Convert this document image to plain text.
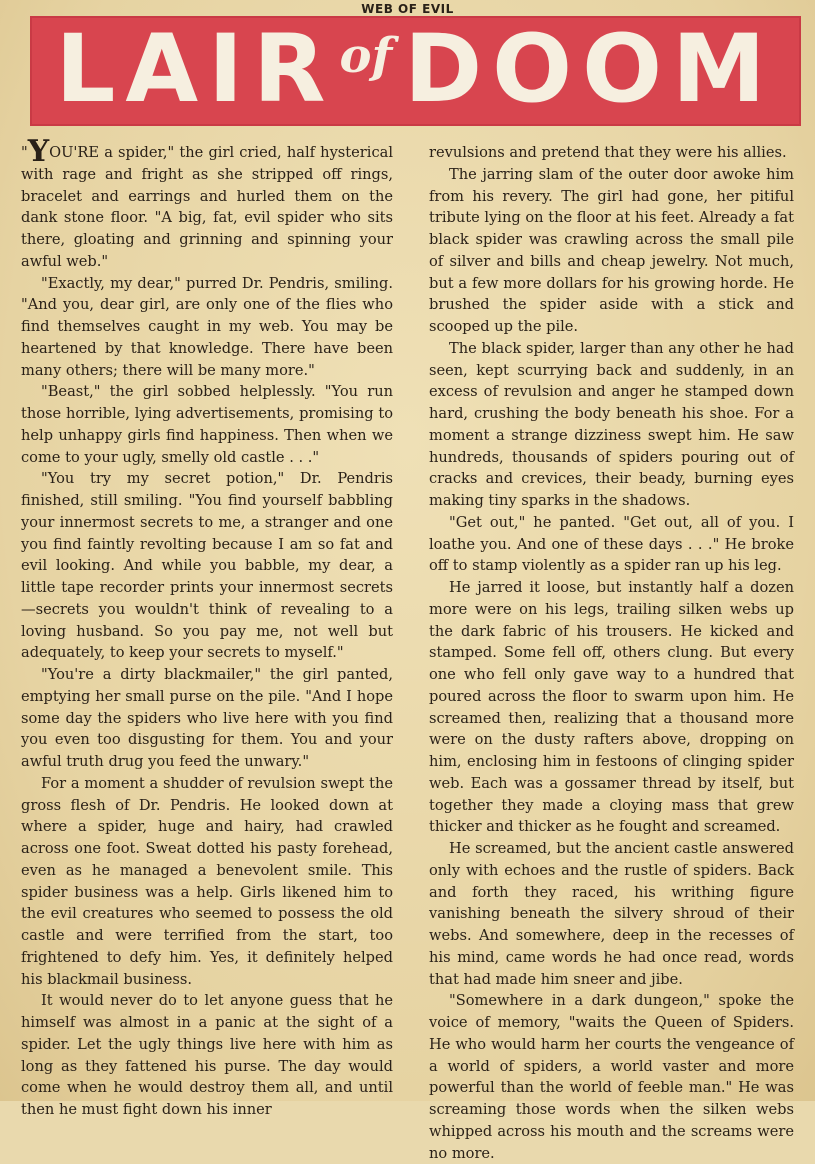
WEB OF EVIL
LAIR of DOOM

"YOU'RE a spider," the girl cried, half hysterical with rage and fright as she stripped off rings, bracelet and earrings and hurled them on the dank stone floor. "A big, fat, evil spider who sits there, gloating and grinning and spinning your awful web."

"Exactly, my dear," purred Dr. Pendris, smiling. "And you, dear girl, are only one of the flies who find themselves caught in my web. You may be heartened by that knowledge. There have been many others; there will be many more."

"Beast," the girl sobbed helplessly. "You run those horrible, lying advertisements, promising to help unhappy girls find happiness. Then when we come to your ugly, smelly old castle . . ."

"You try my secret potion," Dr. Pendris finished, still smiling. "You find yourself babbling your innermost secrets to me, a stranger and one you find faintly revolting because I am so fat and evil looking. And while you babble, my dear, a little tape recorder prints your innermost secrets—secrets you wouldn't think of revealing to a loving husband. So you pay me, not well but adequately, to keep your secrets to myself."

"You're a dirty blackmailer," the girl panted, emptying her small purse on the pile. "And I hope some day the spiders who live here with you find you even too disgusting for them. You and your awful truth drug you feed the unwary."

For a moment a shudder of revulsion swept the gross flesh of Dr. Pendris. He looked down at where a spider, huge and hairy, had crawled across one foot. Sweat dotted his pasty forehead, even as he managed a benevolent smile. This spider business was a help. Girls likened him to the evil creatures who seemed to possess the old castle and were terrified from the start, too frightened to defy him. Yes, it definitely helped his blackmail business.

It would never do to let anyone guess that he himself was almost in a panic at the sight of a spider. Let the ugly things live here with him as long as they fattened his purse. The day would come when he would destroy them all, and until then he must fight down his inner

revulsions and pretend that they were his allies.

The jarring slam of the outer door awoke him from his revery. The girl had gone, her pitiful tribute lying on the floor at his feet. Already a fat black spider was crawling across the small pile of silver and bills and cheap jewelry. Not much, but a few more dollars for his growing horde. He brushed the spider aside with a stick and scooped up the pile.

The black spider, larger than any other he had seen, kept scurrying back and suddenly, in an excess of revulsion and anger he stamped down hard, crushing the body beneath his shoe. For a moment a strange dizziness swept him. He saw hundreds, thousands of spiders pouring out of cracks and crevices, their beady, burning eyes making tiny sparks in the shadows.

"Get out," he panted. "Get out, all of you. I loathe you. And one of these days . . ." He broke off to stamp violently as a spider ran up his leg.

He jarred it loose, but instantly half a dozen more were on his legs, trailing silken webs up the dark fabric of his trousers. He kicked and stamped. Some fell off, others clung. But every one who fell only gave way to a hundred that poured across the floor to swarm upon him. He screamed then, realizing that a thousand more were on the dusty rafters above, dropping on him, enclosing him in festoons of clinging spider web. Each was a gossamer thread by itself, but together they made a cloying mass that grew thicker and thicker as he fought and screamed.

He screamed, but the ancient castle answered only with echoes and the rustle of spiders. Back and forth they raced, his writhing figure vanishing beneath the silvery shroud of their webs. And somewhere, deep in the recesses of his mind, came words he had once read, words that had made him sneer and jibe.

"Somewhere in a dark dungeon," spoke the voice of memory, "waits the Queen of Spiders. He who would harm her courts the vengeance of a world of spiders, a world vaster and more powerful than the world of feeble man." He was screaming those words when the silken webs whipped across his mouth and the screams were no more.
